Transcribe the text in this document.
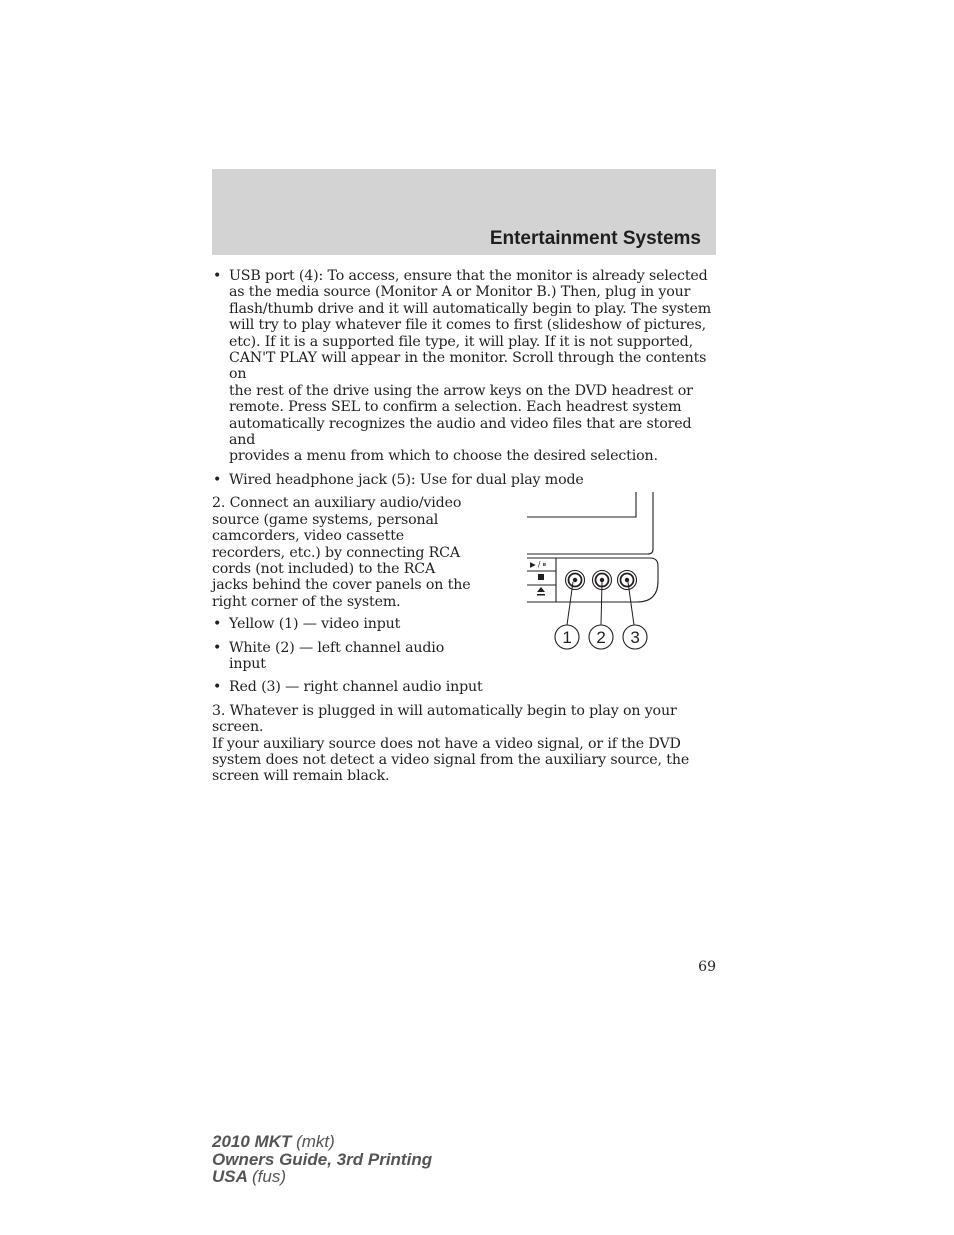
Entertainment Systems
• USB port (4): To access, ensure that the monitor is already selected
as the media source (Monitor A or Monitor B.) Then, plug in your
flash/thumb drive and it will automatically begin to play. The system
will try to play whatever file it comes to first (slideshow of pictures,
etc). If it is a supported file type, it will play. If it is not supported,
CAN'T PLAY will appear in the monitor. Scroll through the contents on
the rest of the drive using the arrow keys on the DVD headrest or
remote. Press SEL to confirm a selection. Each headrest system
automatically recognizes the audio and video files that are stored and
provides a menu from which to choose the desired selection.
• Wired headphone jack (5): Use for dual play mode
2. Connect an auxiliary audio/video
source (game systems, personal
camcorders, video cassette
recorders, etc.) by connecting RCA
cords (not included) to the RCA
jacks behind the cover panels on the
right corner of the system.
• Yellow (1) — video input
• White (2) — left channel audio
input
▶ / ⏸
1 2 3
• Red (3) — right channel audio input
3. Whatever is plugged in will automatically begin to play on your screen.
If your auxiliary source does not have a video signal, or if the DVD
system does not detect a video signal from the auxiliary source, the
screen will remain black.
69
2010 MKT (mkt)
Owners Guide, 3rd Printing
USA (fus)
